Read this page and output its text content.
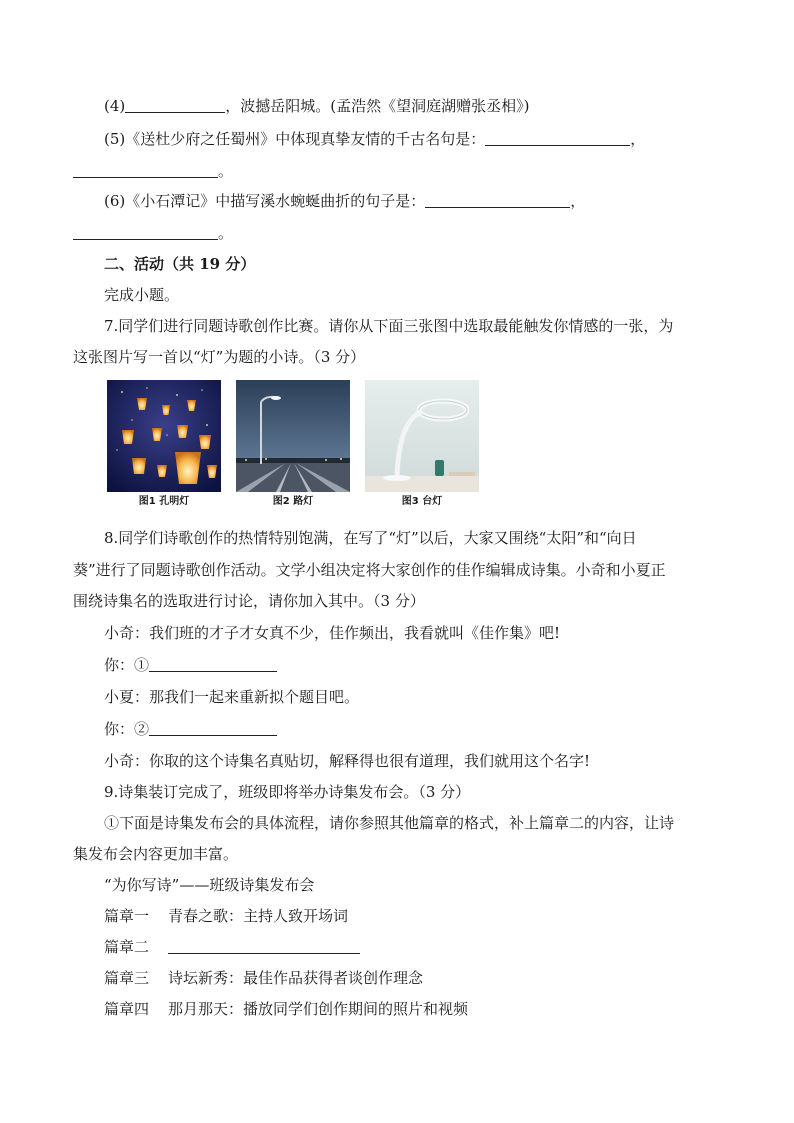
(4)	，波撼岳阳城。(孟浩然《望洞庭湖赠张丞相》)
(5)《送杜少府之任蜀州》中体现真挚友情的千古名句是：	，
。
(6)《小石潭记》中描写溪水蜿蜒曲折的句子是：	，
。
二、活动（共 19 分）
完成小题。
7.同学们进行同题诗歌创作比赛。请你从下面三张图中选取最能触发你情感的一张，为
这张图片写一首以“灯”为题的小诗。（3 分）
图1 孔明灯	图2 路灯	图3 台灯
8.同学们诗歌创作的热情特别饱满，在写了“灯”以后，大家又围绕“太阳”和“向日
葵”进行了同题诗歌创作活动。文学小组决定将大家创作的佳作编辑成诗集。小奇和小夏正
围绕诗集名的选取进行讨论，请你加入其中。（3 分）
小奇：我们班的才子才女真不少，佳作频出，我看就叫《佳作集》吧!
你：①
小夏：那我们一起来重新拟个题目吧。
你：②
小奇：你取的这个诗集名真贴切，解释得也很有道理，我们就用这个名字!
9.诗集装订完成了，班级即将举办诗集发布会。（3 分）
①下面是诗集发布会的具体流程，请你参照其他篇章的格式，补上篇章二的内容，让诗
集发布会内容更加丰富。
“为你写诗”——班级诗集发布会
篇章一 青春之歌：主持人致开场词
篇章二
篇章三 诗坛新秀：最佳作品获得者谈创作理念
篇章四 那月那天：播放同学们创作期间的照片和视频
